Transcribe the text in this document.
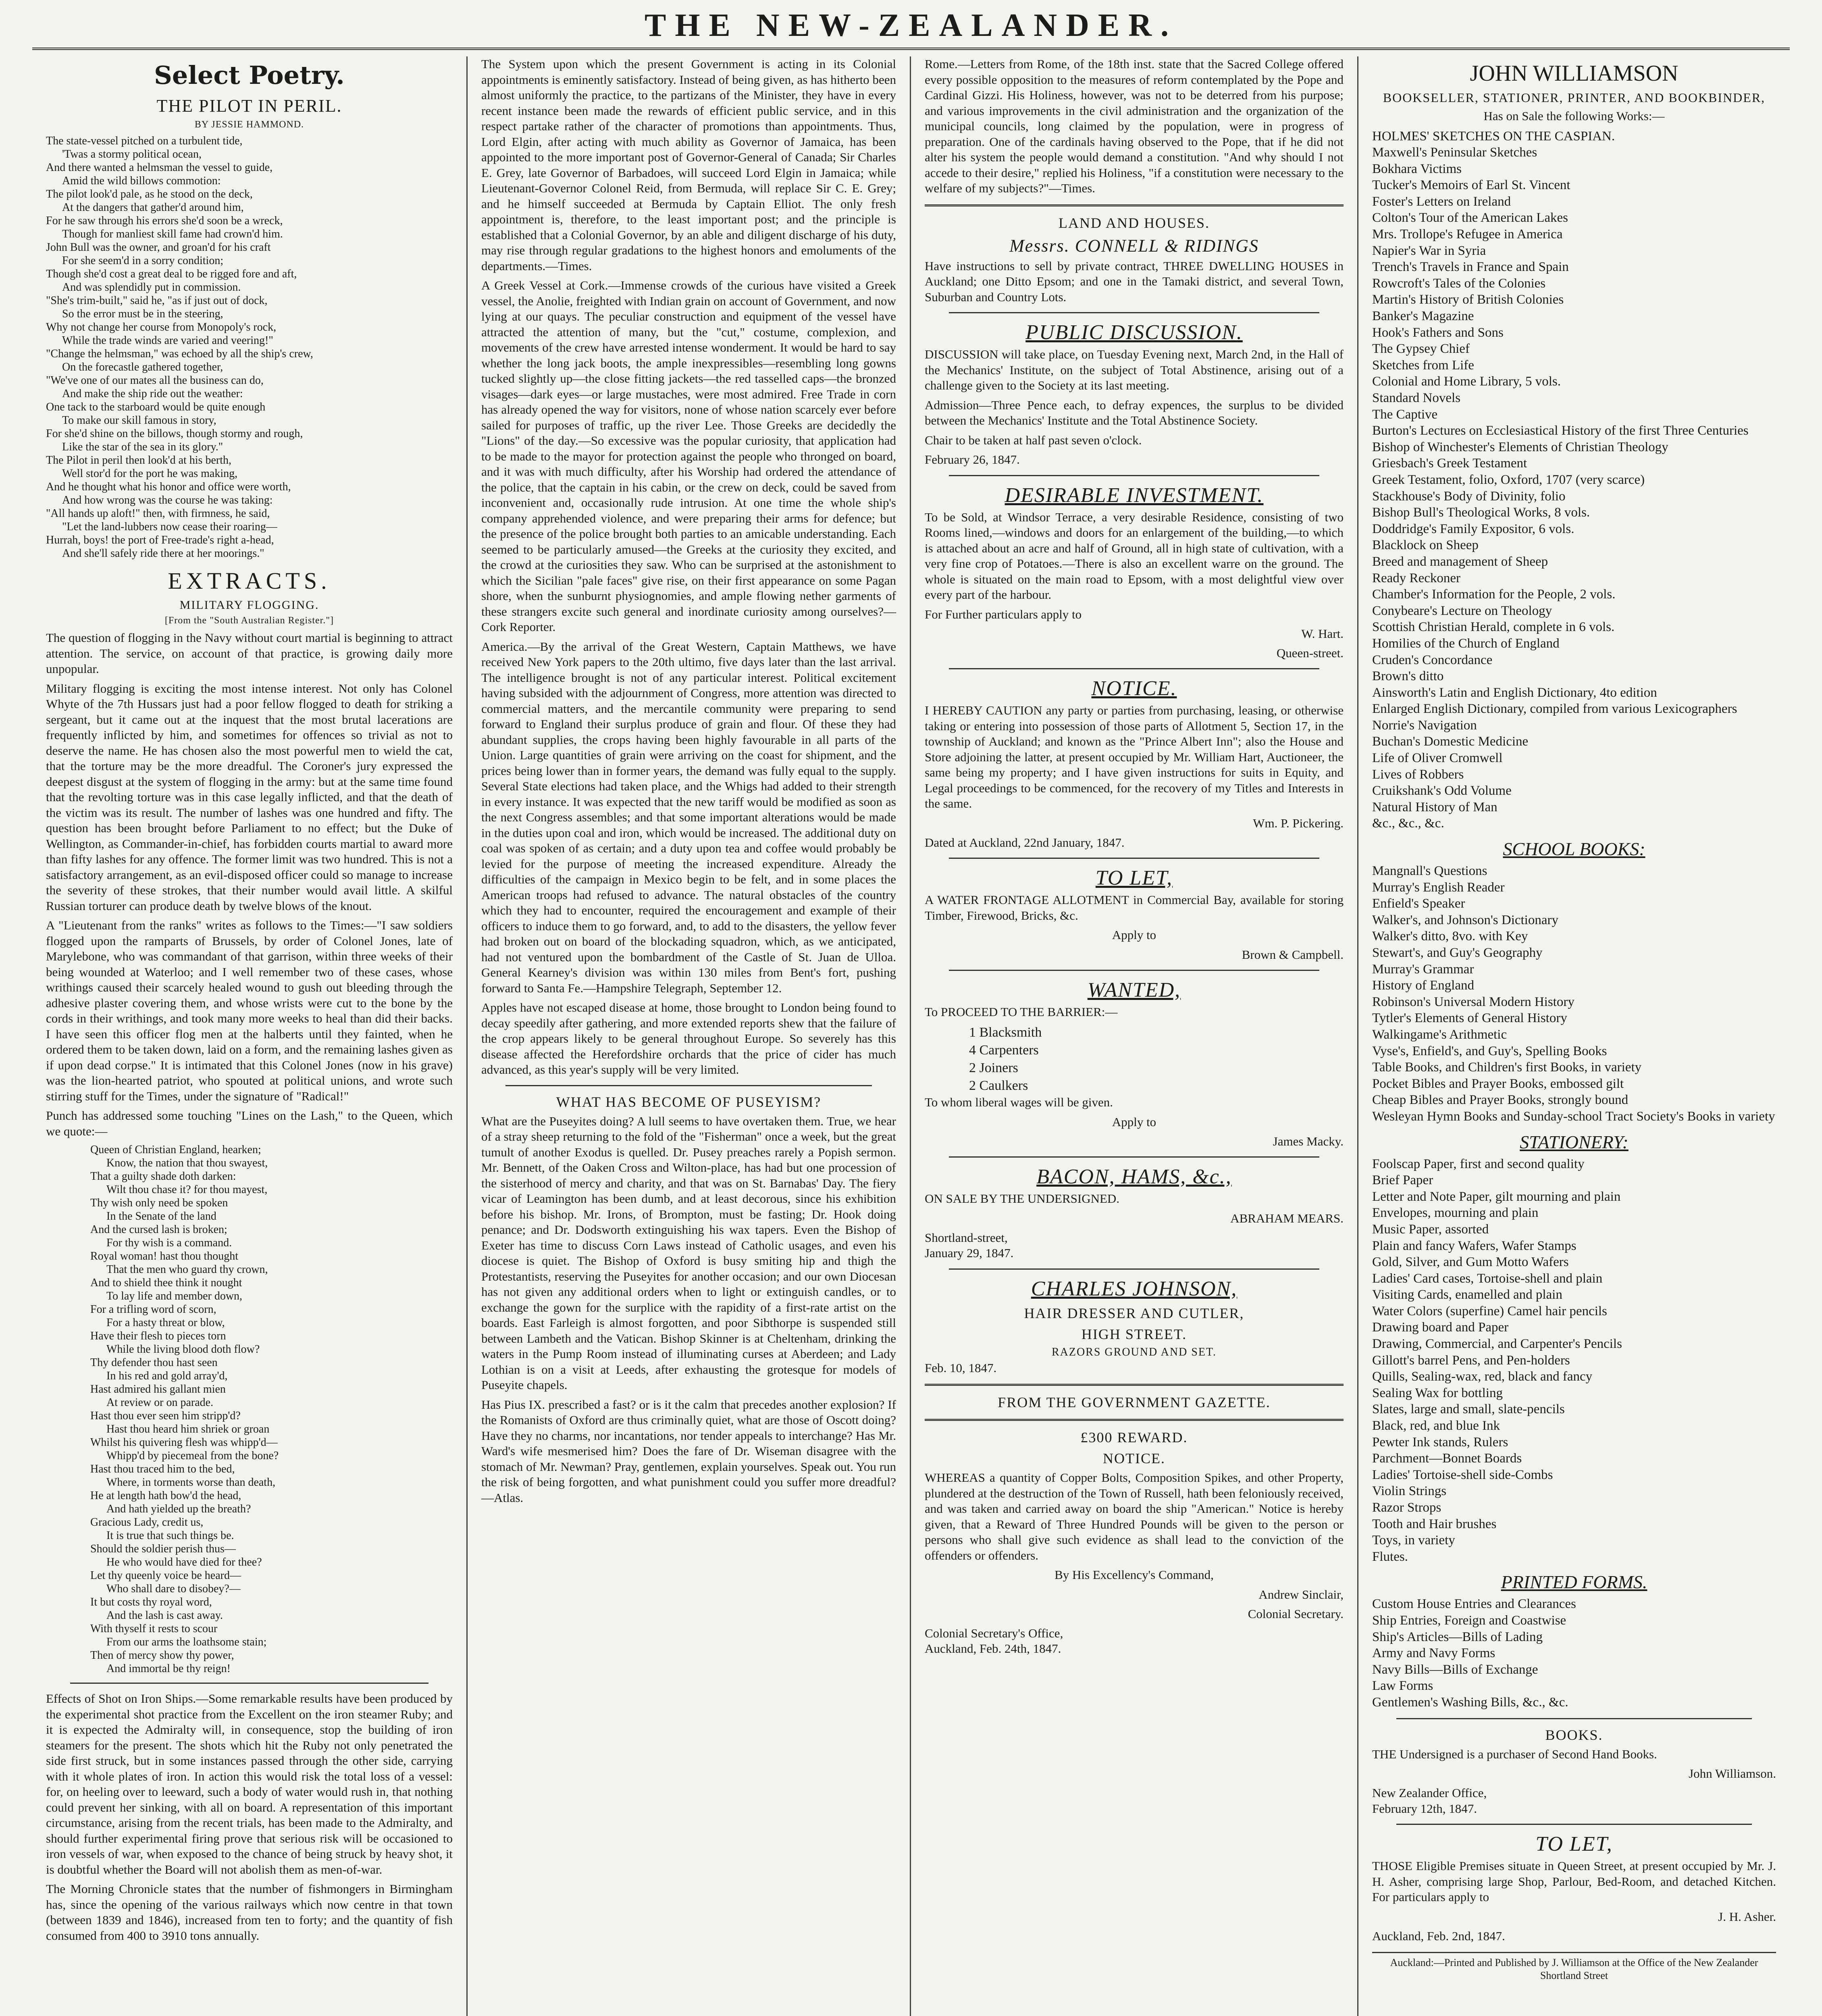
THE NEW-ZEALANDER.
Select Poetry.
THE PILOT IN PERIL.
BY JESSIE HAMMOND.

The state-vessel pitched on a turbulent tide,

'Twas a stormy political ocean,

And there wanted a helmsman the vessel to guide,

Amid the wild billows commotion:

The pilot look'd pale, as he stood on the deck,

At the dangers that gather'd around him,

For he saw through his errors she'd soon be a wreck,

Though for manliest skill fame had crown'd him.

John Bull was the owner, and groan'd for his craft

For she seem'd in a sorry condition;

Though she'd cost a great deal to be rigged fore and aft,

And was splendidly put in commission.

"She's trim-built," said he, "as if just out of dock,

So the error must be in the steering,

Why not change her course from Monopoly's rock,

While the trade winds are varied and veering!"

"Change the helmsman," was echoed by all the ship's crew,

On the forecastle gathered together,

"We've one of our mates all the business can do,

And make the ship ride out the weather:

One tack to the starboard would be quite enough

To make our skill famous in story,

For she'd shine on the billows, though stormy and rough,

Like the star of the sea in its glory."

The Pilot in peril then look'd at his berth,

Well stor'd for the port he was making,

And he thought what his honor and office were worth,

And how wrong was the course he was taking:

"All hands up aloft!" then, with firmness, he said,

"Let the land-lubbers now cease their roaring—

Hurrah, boys! the port of Free-trade's right a-head,

And she'll safely ride there at her moorings."

EXTRACTS.
MILITARY FLOGGING.
[From the "South Australian Register."]

The question of flogging in the Navy without court martial is beginning to attract attention. The service, on account of that practice, is growing daily more unpopular.

Military flogging is exciting the most intense interest. Not only has Colonel Whyte of the 7th Hussars just had a poor fellow flogged to death for striking a sergeant, but it came out at the inquest that the most brutal lacerations are frequently inflicted by him, and sometimes for offences so trivial as not to deserve the name. He has chosen also the most powerful men to wield the cat, that the torture may be the more dreadful. The Coroner's jury expressed the deepest disgust at the system of flogging in the army: but at the same time found that the revolting torture was in this case legally inflicted, and that the death of the victim was its result. The number of lashes was one hundred and fifty. The question has been brought before Parliament to no effect; but the Duke of Wellington, as Commander-in-chief, has forbidden courts martial to award more than fifty lashes for any offence. The former limit was two hundred. This is not a satisfactory arrangement, as an evil-disposed officer could so manage to increase the severity of these strokes, that their number would avail little. A skilful Russian torturer can produce death by twelve blows of the knout.

A "Lieutenant from the ranks" writes as follows to the Times:—"I saw soldiers flogged upon the ramparts of Brussels, by order of Colonel Jones, late of Marylebone, who was commandant of that garrison, within three weeks of their being wounded at Waterloo; and I well remember two of these cases, whose writhings caused their scarcely healed wound to gush out bleeding through the adhesive plaster covering them, and whose wrists were cut to the bone by the cords in their writhings, and took many more weeks to heal than did their backs. I have seen this officer flog men at the halberts until they fainted, when he ordered them to be taken down, laid on a form, and the remaining lashes given as if upon dead corpse." It is intimated that this Colonel Jones (now in his grave) was the lion-hearted patriot, who spouted at political unions, and wrote such stirring stuff for the Times, under the signature of "Radical!"

Punch has addressed some touching "Lines on the Lash," to the Queen, which we quote:—

Queen of Christian England, hearken;

Know, the nation that thou swayest,

That a guilty shade doth darken:

Wilt thou chase it? for thou mayest,

Thy wish only need be spoken

In the Senate of the land

And the cursed lash is broken;

For thy wish is a command.

Royal woman! hast thou thought

That the men who guard thy crown,

And to shield thee think it nought

To lay life and member down,

For a trifling word of scorn,

For a hasty threat or blow,

Have their flesh to pieces torn

While the living blood doth flow?

Thy defender thou hast seen

In his red and gold array'd,

Hast admired his gallant mien

At review or on parade.

Hast thou ever seen him stripp'd?

Hast thou heard him shriek or groan

Whilst his quivering flesh was whipp'd—

Whipp'd by piecemeal from the bone?

Hast thou traced him to the bed,

Where, in torments worse than death,

He at length hath bow'd the head,

And hath yielded up the breath?

Gracious Lady, credit us,

It is true that such things be.

Should the soldier perish thus—

He who would have died for thee?

Let thy queenly voice be heard—

Who shall dare to disobey?—

It but costs thy royal word,

And the lash is cast away.

With thyself it rests to scour

From our arms the loathsome stain;

Then of mercy show thy power,

And immortal be thy reign!

Effects of Shot on Iron Ships.—Some remarkable results have been produced by the experimental shot practice from the Excellent on the iron steamer Ruby; and it is expected the Admiralty will, in consequence, stop the building of iron steamers for the present. The shots which hit the Ruby not only penetrated the side first struck, but in some instances passed through the other side, carrying with it whole plates of iron. In action this would risk the total loss of a vessel: for, on heeling over to leeward, such a body of water would rush in, that nothing could prevent her sinking, with all on board. A representation of this important circumstance, arising from the recent trials, has been made to the Admiralty, and should further experimental firing prove that serious risk will be occasioned to iron vessels of war, when exposed to the chance of being struck by heavy shot, it is doubtful whether the Board will not abolish them as men-of-war.

The Morning Chronicle states that the number of fishmongers in Birmingham has, since the opening of the various railways which now centre in that town (between 1839 and 1846), increased from ten to forty; and the quantity of fish consumed from 400 to 3910 tons annually.

The System upon which the present Government is acting in its Colonial appointments is eminently satisfactory. Instead of being given, as has hitherto been almost uniformly the practice, to the partizans of the Minister, they have in every recent instance been made the rewards of efficient public service, and in this respect partake rather of the character of promotions than appointments. Thus, Lord Elgin, after acting with much ability as Governor of Jamaica, has been appointed to the more important post of Governor-General of Canada; Sir Charles E. Grey, late Governor of Barbadoes, will succeed Lord Elgin in Jamaica; while Lieutenant-Governor Colonel Reid, from Bermuda, will replace Sir C. E. Grey; and he himself succeeded at Bermuda by Captain Elliot. The only fresh appointment is, therefore, to the least important post; and the principle is established that a Colonial Governor, by an able and diligent discharge of his duty, may rise through regular gradations to the highest honors and emoluments of the departments.—Times.

A Greek Vessel at Cork.—Immense crowds of the curious have visited a Greek vessel, the Anolie, freighted with Indian grain on account of Government, and now lying at our quays. The peculiar construction and equipment of the vessel have attracted the attention of many, but the "cut," costume, complexion, and movements of the crew have arrested intense wonderment. It would be hard to say whether the long jack boots, the ample inexpressibles—resembling long gowns tucked slightly up—the close fitting jackets—the red tasselled caps—the bronzed visages—dark eyes—or large mustaches, were most admired. Free Trade in corn has already opened the way for visitors, none of whose nation scarcely ever before sailed for purposes of traffic, up the river Lee. Those Greeks are decidedly the "Lions" of the day.—So excessive was the popular curiosity, that application had to be made to the mayor for protection against the people who thronged on board, and it was with much difficulty, after his Worship had ordered the attendance of the police, that the captain in his cabin, or the crew on deck, could be saved from inconvenient and, occasionally rude intrusion. At one time the whole ship's company apprehended violence, and were preparing their arms for defence; but the presence of the police brought both parties to an amicable understanding. Each seemed to be particularly amused—the Greeks at the curiosity they excited, and the crowd at the curiosities they saw. Who can be surprised at the astonishment to which the Sicilian "pale faces" give rise, on their first appearance on some Pagan shore, when the sunburnt physiognomies, and ample flowing nether garments of these strangers excite such general and inordinate curiosity among ourselves?—Cork Reporter.

America.—By the arrival of the Great Western, Captain Matthews, we have received New York papers to the 20th ultimo, five days later than the last arrival. The intelligence brought is not of any particular interest. Political excitement having subsided with the adjournment of Congress, more attention was directed to commercial matters, and the mercantile community were preparing to send forward to England their surplus produce of grain and flour. Of these they had abundant supplies, the crops having been highly favourable in all parts of the Union. Large quantities of grain were arriving on the coast for shipment, and the prices being lower than in former years, the demand was fully equal to the supply. Several State elections had taken place, and the Whigs had added to their strength in every instance. It was expected that the new tariff would be modified as soon as the next Congress assembles; and that some important alterations would be made in the duties upon coal and iron, which would be increased. The additional duty on coal was spoken of as certain; and a duty upon tea and coffee would probably be levied for the purpose of meeting the increased expenditure. Already the difficulties of the campaign in Mexico begin to be felt, and in some places the American troops had refused to advance. The natural obstacles of the country which they had to encounter, required the encouragement and example of their officers to induce them to go forward, and, to add to the disasters, the yellow fever had broken out on board of the blockading squadron, which, as we anticipated, had not ventured upon the bombardment of the Castle of St. Juan de Ulloa. General Kearney's division was within 130 miles from Bent's fort, pushing forward to Santa Fe.—Hampshire Telegraph, September 12.

Apples have not escaped disease at home, those brought to London being found to decay speedily after gathering, and more extended reports shew that the failure of the crop appears likely to be general throughout Europe. So severely has this disease affected the Herefordshire orchards that the price of cider has much advanced, as this year's supply will be very limited.

WHAT HAS BECOME OF PUSEYISM?

What are the Puseyites doing? A lull seems to have overtaken them. True, we hear of a stray sheep returning to the fold of the "Fisherman" once a week, but the great tumult of another Exodus is quelled. Dr. Pusey preaches rarely a Popish sermon. Mr. Bennett, of the Oaken Cross and Wilton-place, has had but one procession of the sisterhood of mercy and charity, and that was on St. Barnabas' Day. The fiery vicar of Leamington has been dumb, and at least decorous, since his exhibition before his bishop. Mr. Irons, of Brompton, must be fasting; Dr. Hook doing penance; and Dr. Dodsworth extinguishing his wax tapers. Even the Bishop of Exeter has time to discuss Corn Laws instead of Catholic usages, and even his diocese is quiet. The Bishop of Oxford is busy smiting hip and thigh the Protestantists, reserving the Puseyites for another occasion; and our own Diocesan has not given any additional orders when to light or extinguish candles, or to exchange the gown for the surplice with the rapidity of a first-rate artist on the boards. East Farleigh is almost forgotten, and poor Sibthorpe is suspended still between Lambeth and the Vatican. Bishop Skinner is at Cheltenham, drinking the waters in the Pump Room instead of illuminating curses at Aberdeen; and Lady Lothian is on a visit at Leeds, after exhausting the grotesque for models of Puseyite chapels.

Has Pius IX. prescribed a fast? or is it the calm that precedes another explosion? If the Romanists of Oxford are thus criminally quiet, what are those of Oscott doing? Have they no charms, nor incantations, nor tender appeals to interchange? Has Mr. Ward's wife mesmerised him? Does the fare of Dr. Wiseman disagree with the stomach of Mr. Newman? Pray, gentlemen, explain yourselves. Speak out. You run the risk of being forgotten, and what punishment could you suffer more dreadful?—Atlas.

Rome.—Letters from Rome, of the 18th inst. state that the Sacred College offered every possible opposition to the measures of reform contemplated by the Pope and Cardinal Gizzi. His Holiness, however, was not to be deterred from his purpose; and various improvements in the civil administration and the organization of the municipal councils, long claimed by the population, were in progress of preparation. One of the cardinals having observed to the Pope, that if he did not alter his system the people would demand a constitution. "And why should I not accede to their desire," replied his Holiness, "if a constitution were necessary to the welfare of my subjects?"—Times.

LAND AND HOUSES.
Messrs. CONNELL & RIDINGS

Have instructions to sell by private contract, THREE DWELLING HOUSES in Auckland; one Ditto Epsom; and one in the Tamaki district, and several Town, Suburban and Country Lots.

PUBLIC DISCUSSION.

DISCUSSION will take place, on Tuesday Evening next, March 2nd, in the Hall of the Mechanics' Institute, on the subject of Total Abstinence, arising out of a challenge given to the Society at its last meeting.

Admission—Three Pence each, to defray expences, the surplus to be divided between the Mechanics' Institute and the Total Abstinence Society.

Chair to be taken at half past seven o'clock.

February 26, 1847.

DESIRABLE INVESTMENT.

To be Sold, at Windsor Terrace, a very desirable Residence, consisting of two Rooms lined,—windows and doors for an enlargement of the building,—to which is attached about an acre and half of Ground, all in high state of cultivation, with a very fine crop of Potatoes.—There is also an excellent warre on the ground. The whole is situated on the main road to Epsom, with a most delightful view over every part of the harbour.

For Further particulars apply to

W. Hart.
Queen-street.
NOTICE.

I HEREBY CAUTION any party or parties from purchasing, leasing, or otherwise taking or entering into possession of those parts of Allotment 5, Section 17, in the township of Auckland; and known as the "Prince Albert Inn"; also the House and Store adjoining the latter, at present occupied by Mr. William Hart, Auctioneer, the same being my property; and I have given instructions for suits in Equity, and Legal proceedings to be commenced, for the recovery of my Titles and Interests in the same.

Wm. P. Pickering.

Dated at Auckland, 22nd January, 1847.

TO LET,

A WATER FRONTAGE ALLOTMENT in Commercial Bay, available for storing Timber, Firewood, Bricks, &c.

Apply to

Brown & Campbell.
WANTED,

To PROCEED TO THE BARRIER:—

1 Blacksmith

4 Carpenters

2 Joiners

2 Caulkers

To whom liberal wages will be given.

Apply to

James Macky.
BACON, HAMS, &c.,

ON SALE BY THE UNDERSIGNED.

ABRAHAM MEARS.

Shortland-street,

January 29, 1847.

CHARLES JOHNSON,
HAIR DRESSER AND CUTLER,
HIGH STREET.
RAZORS GROUND AND SET.

Feb. 10, 1847.

FROM THE GOVERNMENT GAZETTE.
£300 REWARD.
NOTICE.

WHEREAS a quantity of Copper Bolts, Composition Spikes, and other Property, plundered at the destruction of the Town of Russell, hath been feloniously received, and was taken and carried away on board the ship "American." Notice is hereby given, that a Reward of Three Hundred Pounds will be given to the person or persons who shall give such evidence as shall lead to the conviction of the offenders or offenders.

By His Excellency's Command,

Andrew Sinclair,
Colonial Secretary.

Colonial Secretary's Office,

Auckland, Feb. 24th, 1847.

JOHN WILLIAMSON
BOOKSELLER, STATIONER, PRINTER, AND BOOKBINDER,

Has on Sale the following Works:—

HOLMES' SKETCHES ON THE CASPIAN.

Maxwell's Peninsular Sketches

Bokhara Victims

Tucker's Memoirs of Earl St. Vincent

Foster's Letters on Ireland

Colton's Tour of the American Lakes

Mrs. Trollope's Refugee in America

Napier's War in Syria

Trench's Travels in France and Spain

Rowcroft's Tales of the Colonies

Martin's History of British Colonies

Banker's Magazine

Hook's Fathers and Sons

The Gypsey Chief

Sketches from Life

Colonial and Home Library, 5 vols.

Standard Novels

The Captive

Burton's Lectures on Ecclesiastical History of the first Three Centuries

Bishop of Winchester's Elements of Christian Theology

Griesbach's Greek Testament

Greek Testament, folio, Oxford, 1707 (very scarce)

Stackhouse's Body of Divinity, folio

Bishop Bull's Theological Works, 8 vols.

Doddridge's Family Expositor, 6 vols.

Blacklock on Sheep

Breed and management of Sheep

Ready Reckoner

Chamber's Information for the People, 2 vols.

Conybeare's Lecture on Theology

Scottish Christian Herald, complete in 6 vols.

Homilies of the Church of England

Cruden's Concordance

Brown's ditto

Ainsworth's Latin and English Dictionary, 4to edition

Enlarged English Dictionary, compiled from various Lexicographers

Norrie's Navigation

Buchan's Domestic Medicine

Life of Oliver Cromwell

Lives of Robbers

Cruikshank's Odd Volume

Natural History of Man

&c., &c., &c.

SCHOOL BOOKS:

Mangnall's Questions

Murray's English Reader

Enfield's Speaker

Walker's, and Johnson's Dictionary

Walker's ditto, 8vo. with Key

Stewart's, and Guy's Geography

Murray's Grammar

History of England

Robinson's Universal Modern History

Tytler's Elements of General History

Walkingame's Arithmetic

Vyse's, Enfield's, and Guy's, Spelling Books

Table Books, and Children's first Books, in variety

Pocket Bibles and Prayer Books, embossed gilt

Cheap Bibles and Prayer Books, strongly bound

Wesleyan Hymn Books and Sunday-school Tract Society's Books in variety

STATIONERY:

Foolscap Paper, first and second quality

Brief Paper

Letter and Note Paper, gilt mourning and plain

Envelopes, mourning and plain

Music Paper, assorted

Plain and fancy Wafers, Wafer Stamps

Gold, Silver, and Gum Motto Wafers

Ladies' Card cases, Tortoise-shell and plain

Visiting Cards, enamelled and plain

Water Colors (superfine) Camel hair pencils

Drawing board and Paper

Drawing, Commercial, and Carpenter's Pencils

Gillott's barrel Pens, and Pen-holders

Quills, Sealing-wax, red, black and fancy

Sealing Wax for bottling

Slates, large and small, slate-pencils

Black, red, and blue Ink

Pewter Ink stands, Rulers

Parchment—Bonnet Boards

Ladies' Tortoise-shell side-Combs

Violin Strings

Razor Strops

Tooth and Hair brushes

Toys, in variety

Flutes.

PRINTED FORMS.

Custom House Entries and Clearances

Ship Entries, Foreign and Coastwise

Ship's Articles—Bills of Lading

Army and Navy Forms

Navy Bills—Bills of Exchange

Law Forms

Gentlemen's Washing Bills, &c., &c.

BOOKS.

THE Undersigned is a purchaser of Second Hand Books.

John Williamson.

New Zealander Office,

February 12th, 1847.

TO LET,

THOSE Eligible Premises situate in Queen Street, at present occupied by Mr. J. H. Asher, comprising large Shop, Parlour, Bed-Room, and detached Kitchen. For particulars apply to

J. H. Asher.

Auckland, Feb. 2nd, 1847.

Auckland:—Printed and Published by J. Williamson at the Office of the New Zealander Shortland Street
